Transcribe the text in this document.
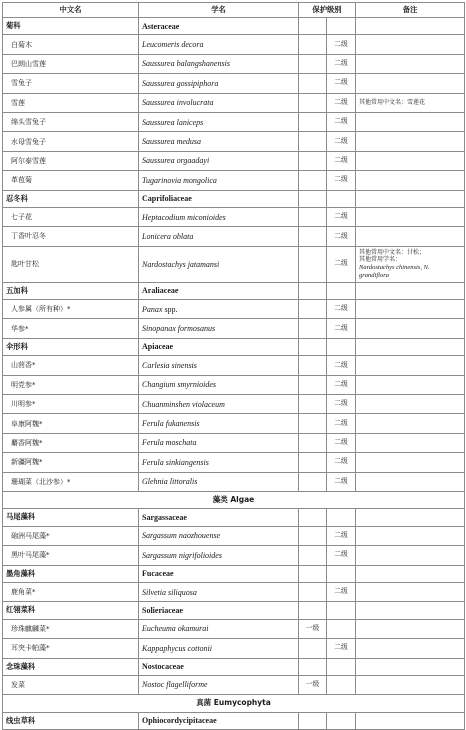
中文名	学名	保护级别		备注
菊科	Asteraceae			
白菊木	Leucomeris decora		二级	
巴朗山雪莲	Saussurea balangshanensis		二级	
雪兔子	Saussurea gossipiphora		二级	
雪莲	Saussurea involucrata		二级	其他常用中文名：雪莲花
绵头雪兔子	Saussurea laniceps		二级	
水母雪兔子	Saussurea medusa		二级	
阿尔泰雪莲	Saussurea orgaadayi		二级	
革苞菊	Tugarinovia mongolica		二级	
忍冬科	Caprifoliaceae			
七子花	Heptacodium miconioides		二级	
丁香叶忍冬	Lonicera oblata		二级	
匙叶甘松	Nardostachys jatamansi		二级	其他常用中文名：甘松；
其他常用学名：
Nardostachys chinensis, N. grandiflora

五加科	Araliaceae			
人参属（所有种）*	Panax spp.		二级	
华参*	Sinopanax formosanus		二级	
伞形科	Apiaceae			
山茴香*	Carlesia sinensis		二级	
明党参*	Changium smyrnioides		二级	
川明参*	Chuanminshen violaceum		二级	
阜康阿魏*	Ferula fukanensis		二级	
麝香阿魏*	Ferula moschata		二级	
新疆阿魏*	Ferula sinkiangensis		二级	
珊瑚菜（北沙参）*	Glehnia littoralis		二级	
藻类 Algae				
马尾藻科	Sargassaceae			
硇洲马尾藻*	Sargassum naozhouense		二级	
黑叶马尾藻*	Sargassum nigrifolioides		二级	
墨角藻科	Fucaceae			
鹿角菜*	Silvetia siliquosa		二级	
红翎菜科	Solieriaceae			
珍珠麒麟菜*	Eucheuma okamurai	一级		
耳突卡帕藻*	Kappaphycus cottonii		二级	
念珠藻科	Nostocaceae			
发菜	Nostoc flagelliforme	一级		
真菌 Eumycophyta				
线虫草科	Ophiocordycipitaceae			
